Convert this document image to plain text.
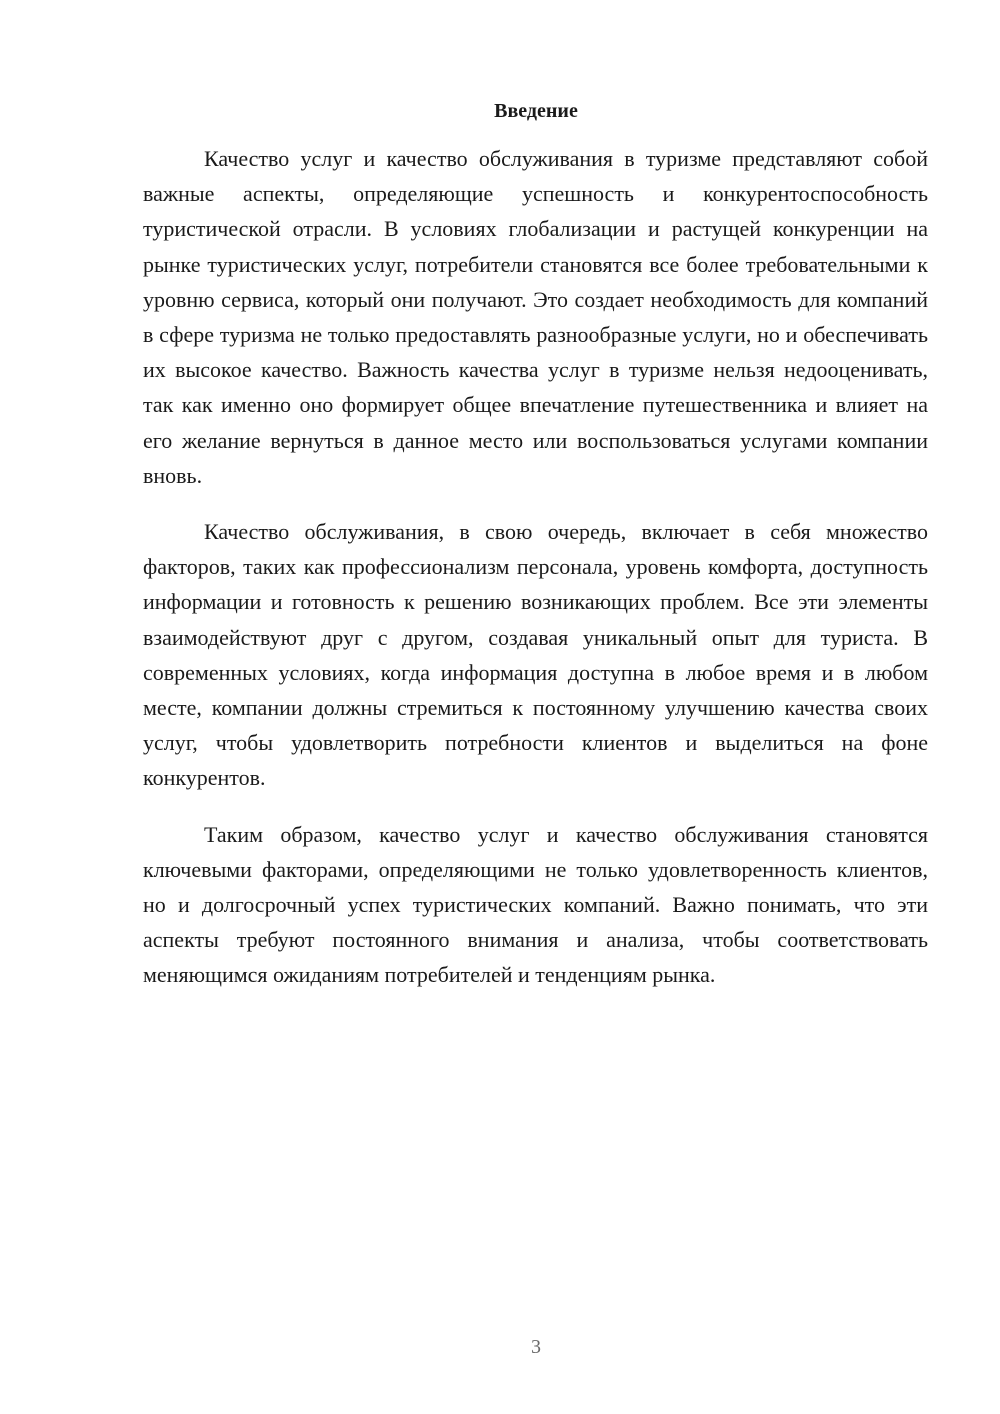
Введение

Качество услуг и качество обслуживания в туризме представляют собой важные аспекты, определяющие успешность и конкурентоспособность туристической отрасли. В условиях глобализации и растущей конкуренции на рынке туристических услуг, потребители становятся все более требовательными к уровню сервиса, который они получают. Это создает необходимость для компаний в сфере туризма не только предоставлять разнообразные услуги, но и обеспечивать их высокое качество. Важность качества услуг в туризме нельзя недооценивать, так как именно оно формирует общее впечатление путешественника и влияет на его желание вернуться в данное место или воспользоваться услугами компании вновь.

Качество обслуживания, в свою очередь, включает в себя множество факторов, таких как профессионализм персонала, уровень комфорта, доступность информации и готовность к решению возникающих проблем. Все эти элементы взаимодействуют друг с другом, создавая уникальный опыт для туриста. В современных условиях, когда информация доступна в любое время и в любом месте, компании должны стремиться к постоянному улучшению качества своих услуг, чтобы удовлетворить потребности клиентов и выделиться на фоне конкурентов.

Таким образом, качество услуг и качество обслуживания становятся ключевыми факторами, определяющими не только удовлетворенность клиентов, но и долгосрочный успех туристических компаний. Важно понимать, что эти аспекты требуют постоянного внимания и анализа, чтобы соответствовать меняющимся ожиданиям потребителей и тенденциям рынка.

3
